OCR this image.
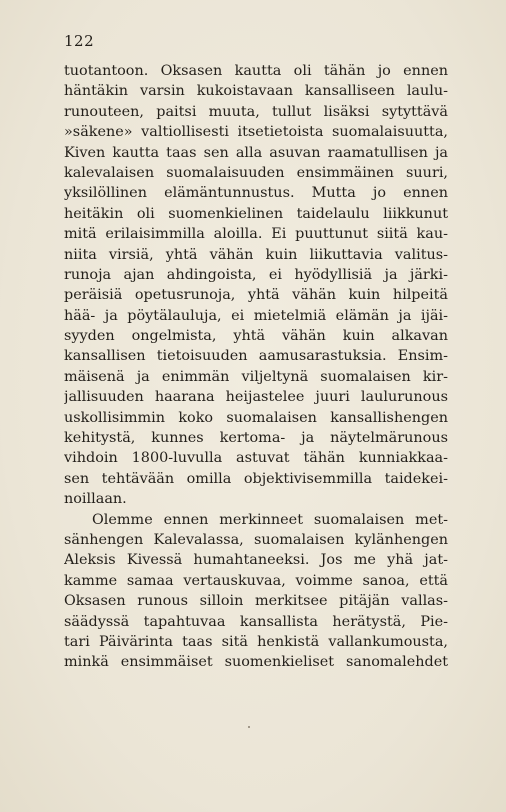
122
tuotantoon. Oksasen kautta oli tähän jo ennen
häntäkin varsin kukoistavaan kansalliseen laulu-
runouteen, paitsi muuta, tullut lisäksi sytyttävä
»säkene» valtiollisesti itsetietoista suomalaisuutta,
Kiven kautta taas sen alla asuvan raamatullisen ja
kalevalaisen suomalaisuuden ensimmäinen suuri,
yksilöllinen elämäntunnustus. Mutta jo ennen
heitäkin oli suomenkielinen taidelaulu liikkunut
mitä erilaisimmilla aloilla. Ei puuttunut siitä kau-
niita virsiä, yhtä vähän kuin liikuttavia valitus-
runoja ajan ahdingoista, ei hyödyllisiä ja järki-
peräisiä opetusrunoja, yhtä vähän kuin hilpeitä
hää- ja pöytälauluja, ei mietelmiä elämän ja ijäi-
syyden ongelmista, yhtä vähän kuin alkavan
kansallisen tietoisuuden aamusarastuksia. Ensim-
mäisenä ja enimmän viljeltynä suomalaisen kir-
jallisuuden haarana heijastelee juuri laulurunous
uskollisimmin koko suomalaisen kansallishengen
kehitystä, kunnes kertoma- ja näytelmärunous
vihdoin 1800-luvulla astuvat tähän kunniakkaa-
sen tehtävään omilla objektivisemmilla taidekei-
noillaan.
Olemme ennen merkinneet suomalaisen met-
sänhengen Kalevalassa, suomalaisen kylänhengen
Aleksis Kivessä humahtaneeksi. Jos me yhä jat-
kamme samaa vertauskuvaa, voimme sanoa, että
Oksasen runous silloin merkitsee pitäjän vallas-
säädyssä tapahtuvaa kansallista herätystä, Pie-
tari Päivärinta taas sitä henkistä vallankumousta,
minkä ensimmäiset suomenkieliset sanomalehdet
